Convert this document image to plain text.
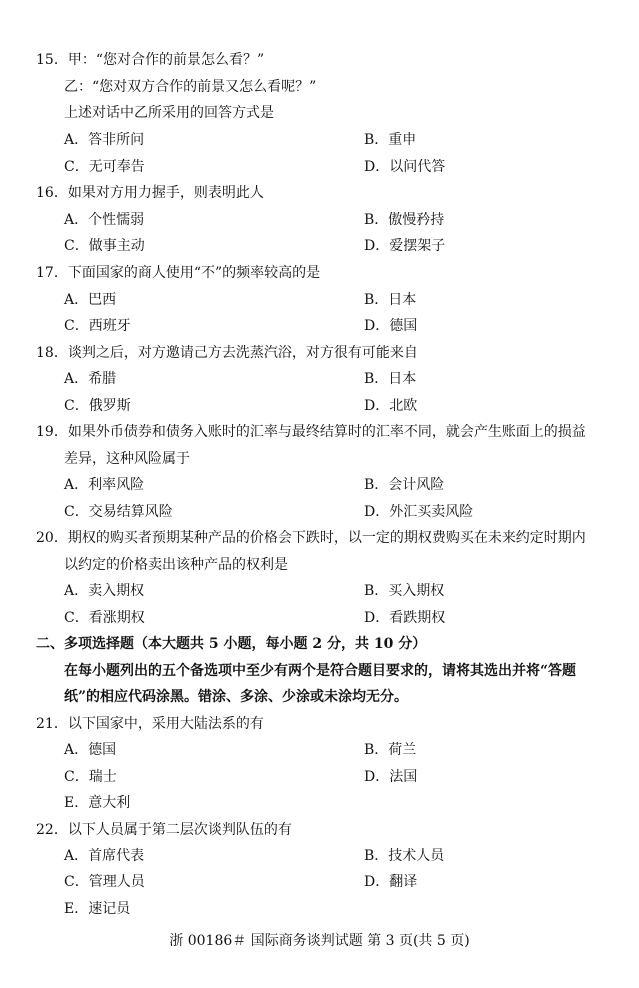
15．甲：“您对合作的前景怎么看？”
乙：“您对双方合作的前景又怎么看呢？”
上述对话中乙所采用的回答方式是
A．答非所问	B．重申
C．无可奉告	D．以问代答
16．如果对方用力握手，则表明此人
A．个性懦弱	B．傲慢矜持
C．做事主动	D．爱摆架子
17．下面国家的商人使用“不”的频率较高的是
A．巴西	B．日本
C．西班牙	D．德国
18．谈判之后，对方邀请己方去洗蒸汽浴，对方很有可能来自
A．希腊	B．日本
C．俄罗斯	D．北欧
19．如果外币债券和债务入账时的汇率与最终结算时的汇率不同，就会产生账面上的损益
差异，这种风险属于
A．利率风险	B．会计风险
C．交易结算风险	D．外汇买卖风险
20．期权的购买者预期某种产品的价格会下跌时，以一定的期权费购买在未来约定时期内
以约定的价格卖出该种产品的权利是
A．卖入期权	B．买入期权
C．看涨期权	D．看跌期权
二、多项选择题（本大题共 5 小题，每小题 2 分，共 10 分）
在每小题列出的五个备选项中至少有两个是符合题目要求的，请将其选出并将“答题
纸”的相应代码涂黑。错涂、多涂、少涂或未涂均无分。
21．以下国家中，采用大陆法系的有
A．德国	B．荷兰
C．瑞士	D．法国
E．意大利
22．以下人员属于第二层次谈判队伍的有
A．首席代表	B．技术人员
C．管理人员	D．翻译
E．速记员
浙 00186＃ 国际商务谈判试题 第 3 页(共 5 页)
